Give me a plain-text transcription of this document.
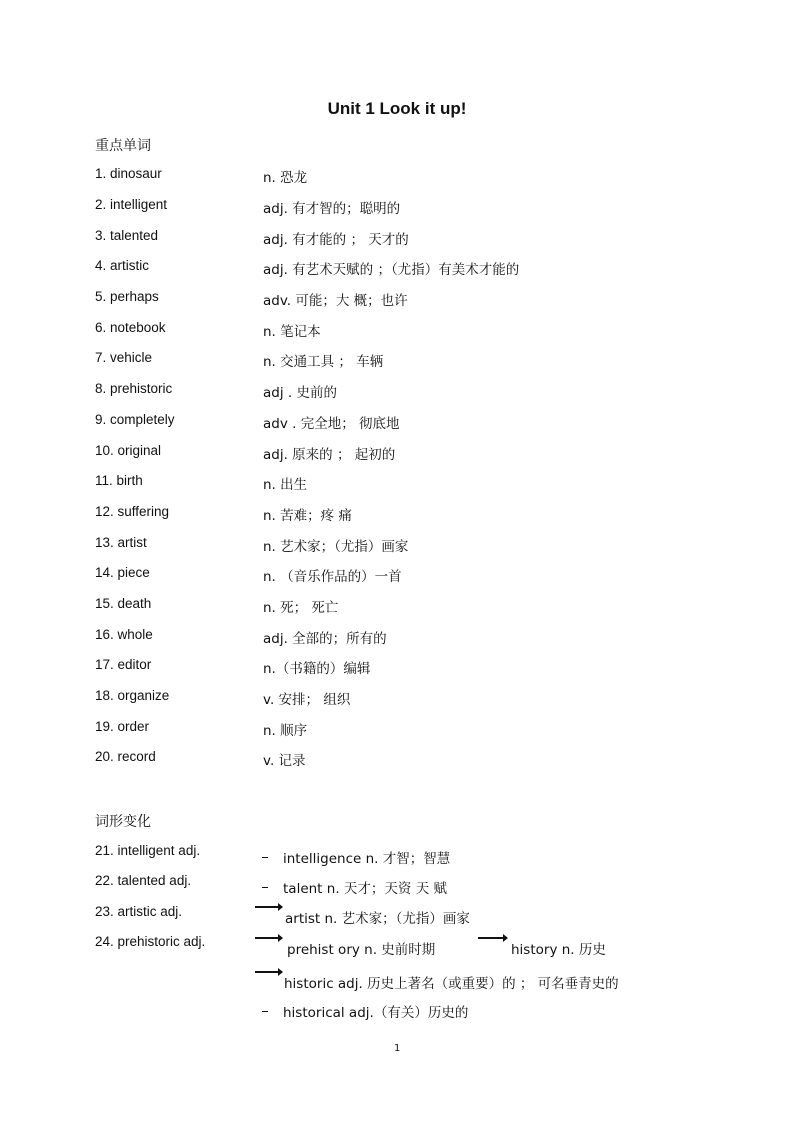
Unit 1 Look it up!
重点单词
1. dinosaur	n. 恐龙
2. intelligent	adj. 有才智的；聪明的
3. talented	adj. 有才能的 ； 天才的
4. artistic	adj. 有艺术天赋的 ；（尤指）有美术才能的
5. perhaps	adv. 可能；大 概；也许
6. notebook	n. 笔记本
7. vehicle	n. 交通工具 ； 车辆
8. prehistoric	adj . 史前的
9. completely	adv . 完全地； 彻底地
10. original	adj. 原来的 ； 起初的
11. birth	n. 出生
12. suffering	n. 苦难；疼 痛
13. artist	n. 艺术家；（尤指）画家
14. piece	n. （音乐作品的）一首
15. death	n. 死； 死亡
16. whole	adj. 全部的；所有的
17. editor	n.（书籍的）编辑
18. organize	v. 安排； 组织
19. order	n. 顺序
20. record	v. 记录
词形变化
21. intelligent adj.
intelligence n. 才智；智慧
22. talented adj.
talent n. 天才；天资 天 赋
23. artistic adj.	artist n. 艺术家；（尤指）画家
24. prehistoric adj.
prehist ory n. 史前时期	history n. 历史
historic adj. 历史上著名（或重要）的 ； 可名垂青史的
historical adj.（有关）历史的
1
